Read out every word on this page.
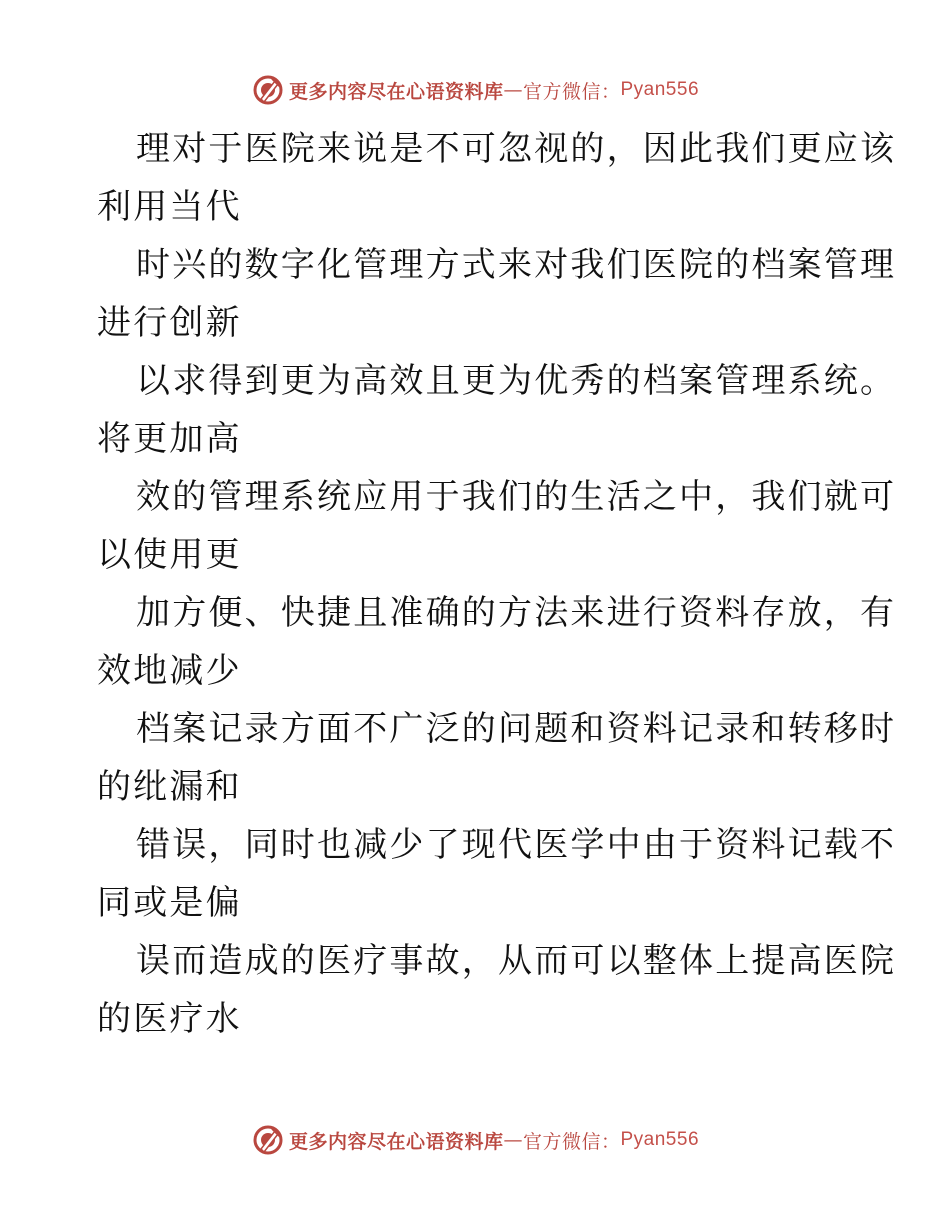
更多内容尽在心语资料库 — 官方微信： Pyan556
理对于医院来说是不可忽视的，因此我们更应该
利用当代
时兴的数字化管理方式来对我们医院的档案管理
进行创新
以求得到更为高效且更为优秀的档案管理系统。
将更加高
效的管理系统应用于我们的生活之中，我们就可
以使用更
加方便、快捷且准确的方法来进行资料存放，有
效地减少
档案记录方面不广泛的问题和资料记录和转移时
的纰漏和
错误，同时也减少了现代医学中由于资料记载不
同或是偏
误而造成的医疗事故，从而可以整体上提高医院
的医疗水
更多内容尽在心语资料库 — 官方微信： Pyan556
